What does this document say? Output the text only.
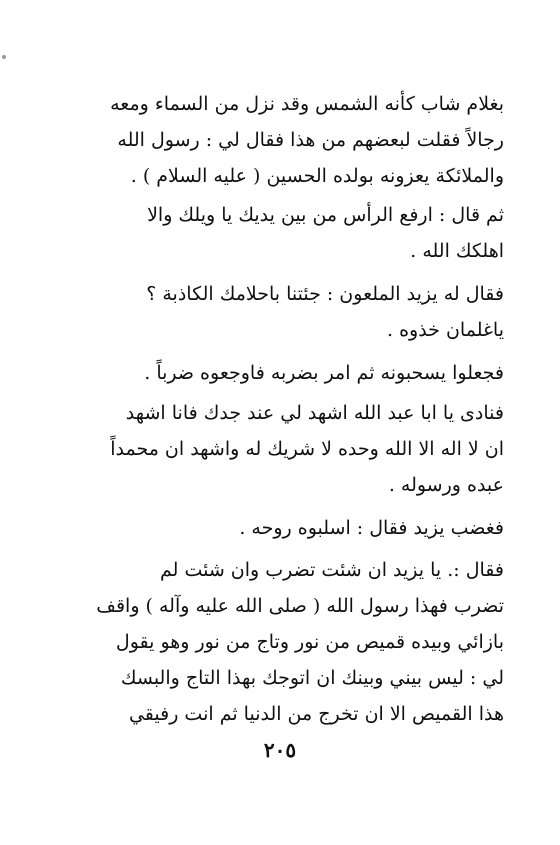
بغلام شاب كأنه الشمس وقد نزل من السماء ومعه
رجالاً فقلت لبعضهم من هذا فقال لي : رسول الله
والملائكة يعزونه بولده الحسين ( عليه السلام ) .
ثم قال : ارفع الرأس من بين يديك يا ويلك والا
اهلكك الله .
فقال له يزيد الملعون : جئتنا باحلامك الكاذبة ؟
ياغلمان خذوه .
فجعلوا يسحبونه ثم امر بضربه فاوجعوه ضرباً .
فنادى يا ابا عبد الله اشهد لي عند جدك فانا اشهد
ان لا اله الا الله وحده لا شريك له واشهد ان محمداً
عبده ورسوله .
فغضب يزيد فقال : اسلبوه روحه .
فقال :. يا يزيد ان شئت تضرب وان شئت لم
تضرب فهذا رسول الله ( صلى الله عليه وآله ) واقف
بازائي وبيده قميص من نور وتاج من نور وهو يقول
لي : ليس بيني وبينك ان اتوجك بهذا التاج والبسك
هذا القميص الا ان تخرج من الدنيا ثم انت رفيقي
٢٠٥
